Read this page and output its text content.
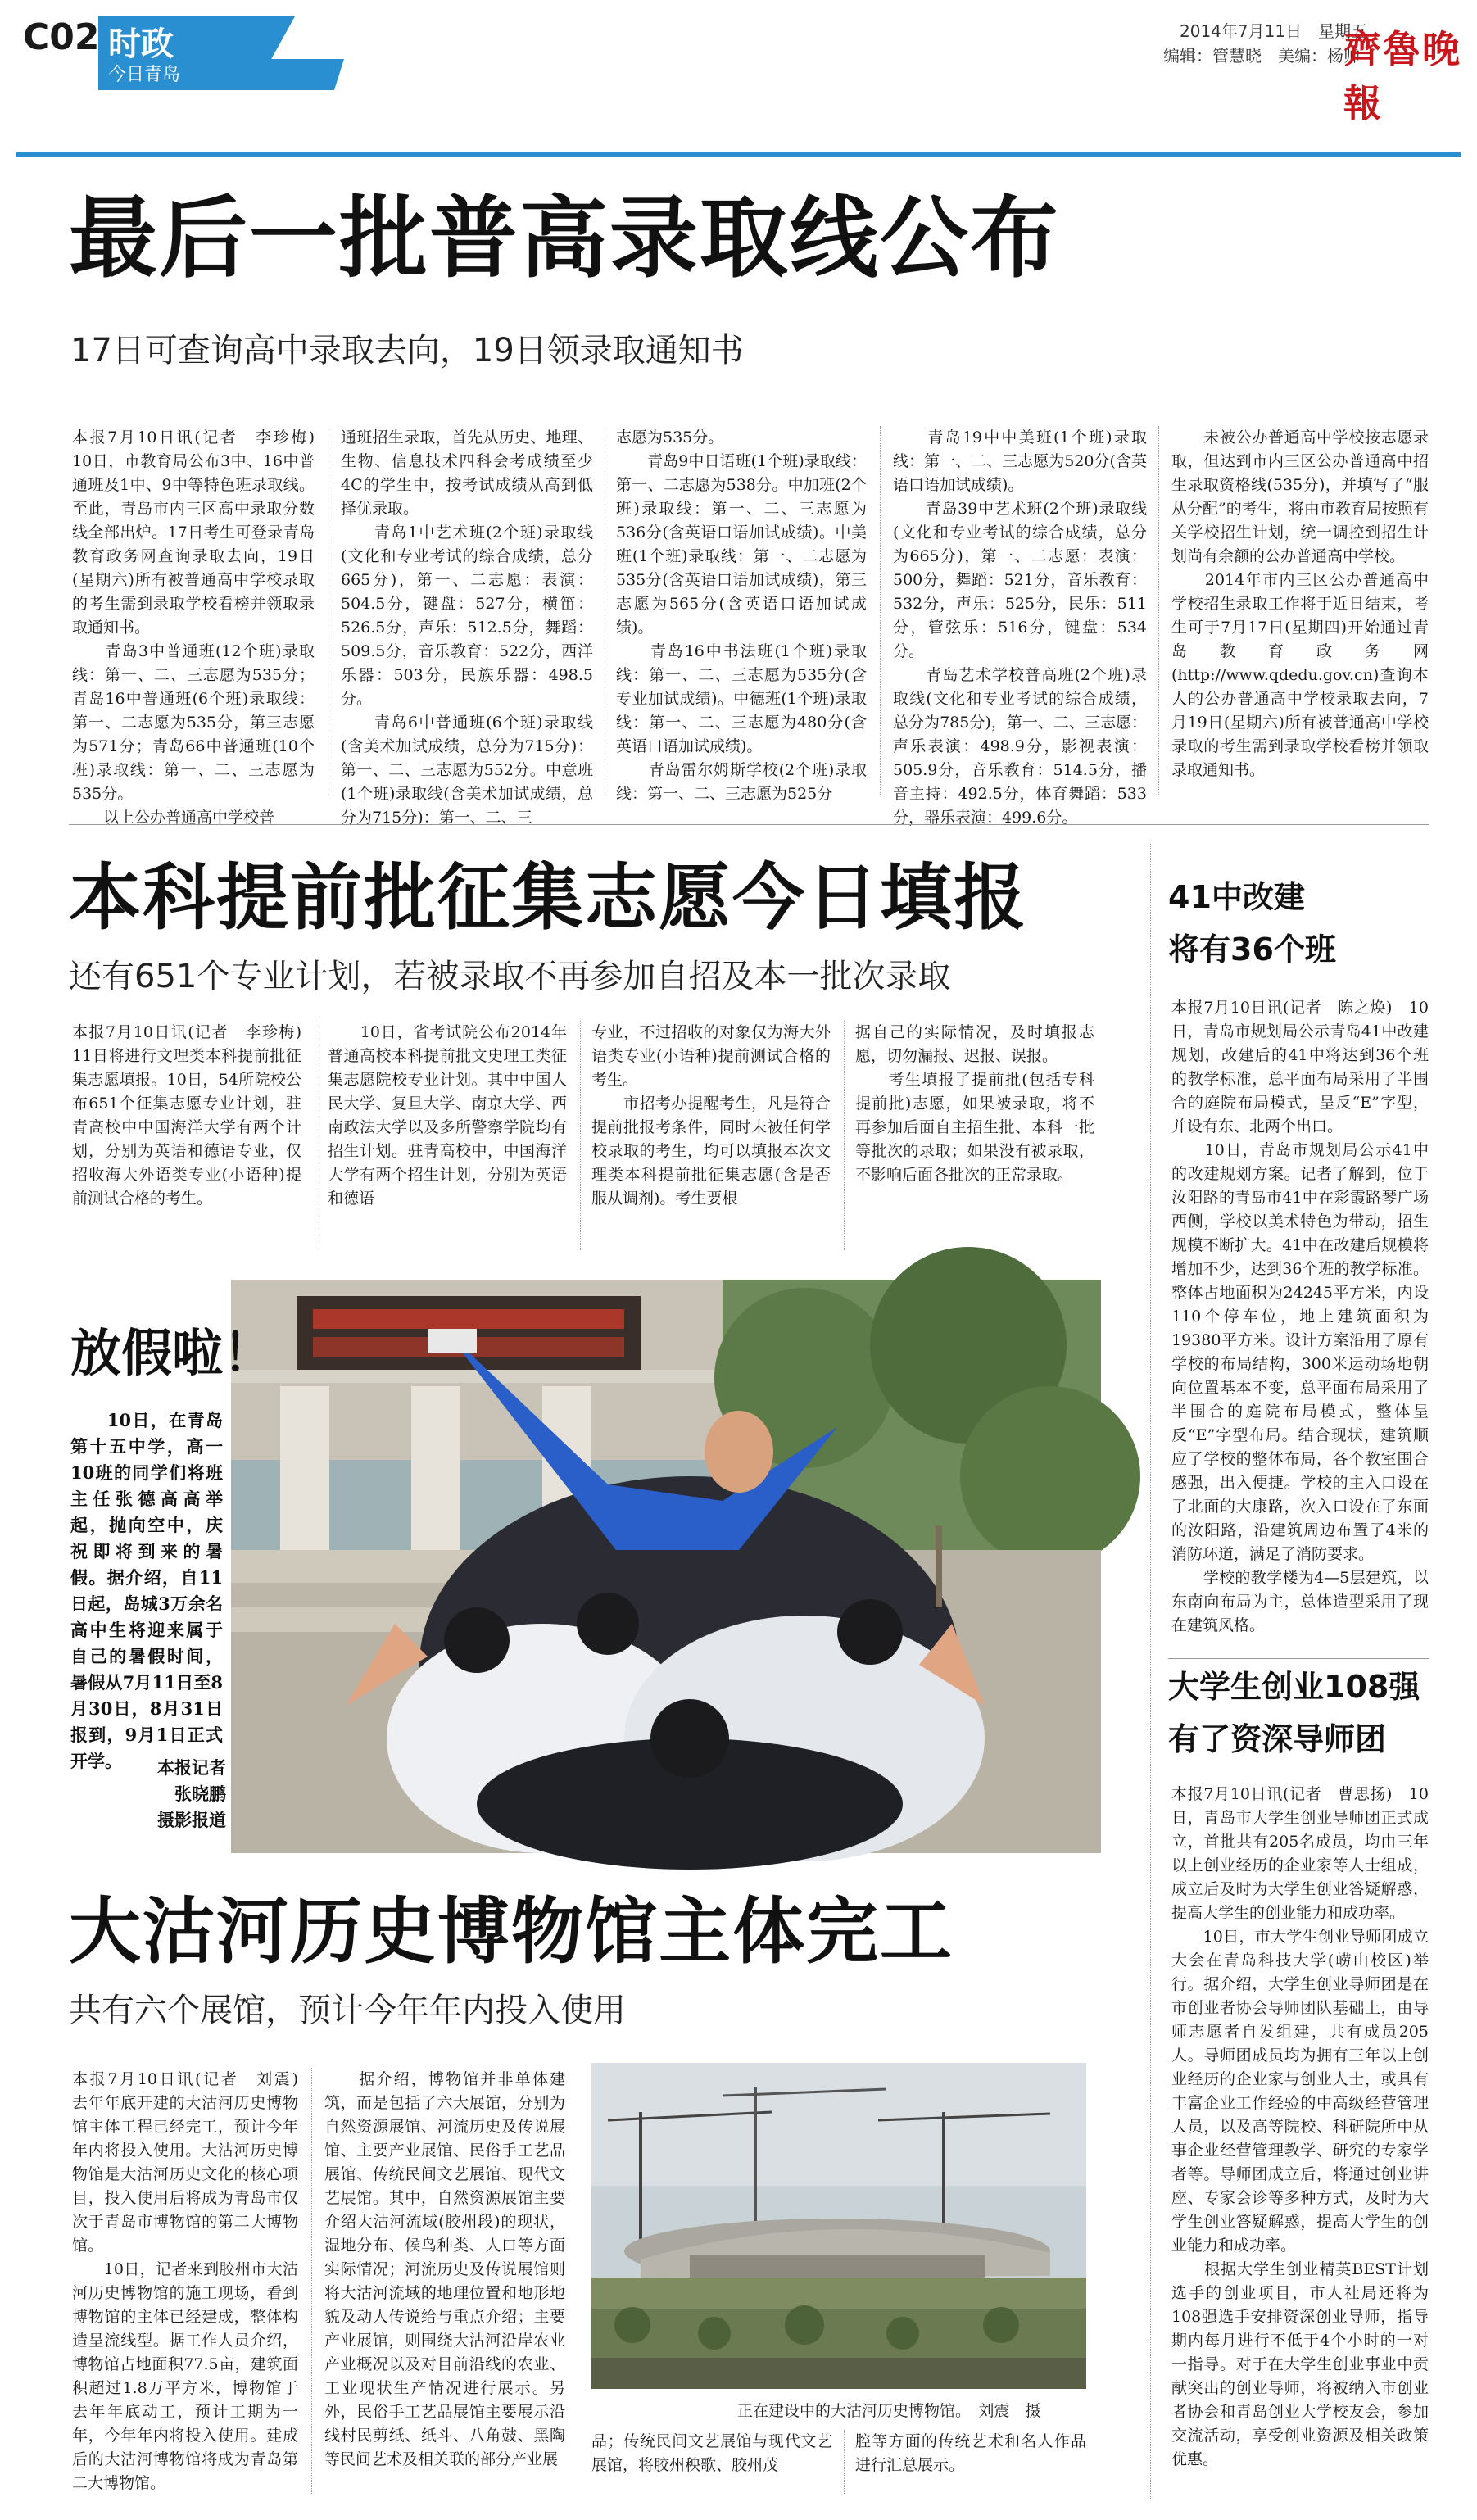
C02 时政
今日青岛
2014年7月11日　星期五
编辑：管慧晓　美编：杨帅
齊魯晚報
最后一批普高录取线公布
17日可查询高中录取去向，19日领录取通知书
本报7月10日讯(记者　李珍梅)　10日，市教育局公布3中、16中普通班及1中、9中等特色班录取线。至此，青岛市内三区高中录取分数线全部出炉。17日考生可登录青岛教育政务网查询录取去向，19日(星期六)所有被普通高中学校录取的考生需到录取学校看榜并领取录取通知书。
　　青岛3中普通班(12个班)录取线：第一、二、三志愿为535分；青岛16中普通班(6个班)录取线：第一、二志愿为535分，第三志愿为571分；青岛66中普通班(10个班)录取线：第一、二、三志愿为535分。
　　以上公办普通高中学校普
通班招生录取，首先从历史、地理、生物、信息技术四科会考成绩至少4C的学生中，按考试成绩从高到低择优录取。
　　青岛1中艺术班(2个班)录取线(文化和专业考试的综合成绩，总分665分)，第一、二志愿：表演：504.5分，键盘：527分，横笛：526.5分，声乐：512.5分，舞蹈：509.5分，音乐教育：522分，西洋乐器：503分，民族乐器：498.5分。
　　青岛6中普通班(6个班)录取线(含美术加试成绩，总分为715分)：第一、二、三志愿为552分。中意班(1个班)录取线(含美术加试成绩，总分为715分)：第一、二、三
志愿为535分。
　　青岛9中日语班(1个班)录取线：第一、二志愿为538分。中加班(2个班)录取线：第一、二、三志愿为536分(含英语口语加试成绩)。中美班(1个班)录取线：第一、二志愿为535分(含英语口语加试成绩)，第三志愿为565分(含英语口语加试成绩)。
　　青岛16中书法班(1个班)录取线：第一、二、三志愿为535分(含专业加试成绩)。中德班(1个班)录取线：第一、二、三志愿为480分(含英语口语加试成绩)。
　　青岛雷尔姆斯学校(2个班)录取线：第一、二、三志愿为525分
　　青岛19中中美班(1个班)录取线：第一、二、三志愿为520分(含英语口语加试成绩)。
　　青岛39中艺术班(2个班)录取线(文化和专业考试的综合成绩，总分为665分)，第一、二志愿：表演：500分，舞蹈：521分，音乐教育：532分，声乐：525分，民乐：511分，管弦乐：516分，键盘：534分。
　　青岛艺术学校普高班(2个班)录取线(文化和专业考试的综合成绩，总分为785分)，第一、二、三志愿：声乐表演：498.9分，影视表演：505.9分，音乐教育：514.5分，播音主持：492.5分，体育舞蹈：533分，器乐表演：499.6分。
　　未被公办普通高中学校按志愿录取，但达到市内三区公办普通高中招生录取资格线(535分)，并填写了“服从分配”的考生，将由市教育局按照有关学校招生计划，统一调控到招生计划尚有余额的公办普通高中学校。
　　2014年市内三区公办普通高中学校招生录取工作将于近日结束，考生可于7月17日(星期四)开始通过青岛教育政务网(http://www.qdedu.gov.cn)查询本人的公办普通高中学校录取去向，7月19日(星期六)所有被普通高中学校录取的考生需到录取学校看榜并领取录取通知书。
本科提前批征集志愿今日填报
还有651个专业计划，若被录取不再参加自招及本一批次录取
本报7月10日讯(记者　李珍梅)　11日将进行文理类本科提前批征集志愿填报。10日，54所院校公布651个征集志愿专业计划，驻青高校中中国海洋大学有两个计划，分别为英语和德语专业，仅招收海大外语类专业(小语种)提前测试合格的考生。
　　10日，省考试院公布2014年普通高校本科提前批文史理工类征集志愿院校专业计划。其中中国人民大学、复旦大学、南京大学、西南政法大学以及多所警察学院均有招生计划。驻青高校中，中国海洋大学有两个招生计划，分别为英语和德语
专业，不过招收的对象仅为海大外语类专业(小语种)提前测试合格的考生。
　　市招考办提醒考生，凡是符合提前批报考条件，同时未被任何学校录取的考生，均可以填报本次文理类本科提前批征集志愿(含是否服从调剂)。考生要根
据自己的实际情况，及时填报志愿，切勿漏报、迟报、误报。
　　考生填报了提前批(包括专科提前批)志愿，如果被录取，将不再参加后面自主招生批、本科一批等批次的录取；如果没有被录取，不影响后面各批次的正常录取。
放假啦！
　　10日，在青岛第十五中学，高一10班的同学们将班主任张德高高举起，抛向空中，庆祝即将到来的暑假。据介绍，自11日起，岛城3万余名高中生将迎来属于自己的暑假时间，暑假从7月11日至8月30日，8月31日报到，9月1日正式开学。	本报记者
张晓鹏
摄影报道
大沽河历史博物馆主体完工
共有六个展馆，预计今年年内投入使用
本报7月10日讯(记者　刘震)　去年年底开建的大沽河历史博物馆主体工程已经完工，预计今年年内将投入使用。大沽河历史博物馆是大沽河历史文化的核心项目，投入使用后将成为青岛市仅次于青岛市博物馆的第二大博物馆。
　　10日，记者来到胶州市大沽河历史博物馆的施工现场，看到博物馆的主体已经建成，整体构造呈流线型。据工作人员介绍，博物馆占地面积77.5亩，建筑面积超过1.8万平方米，博物馆于去年年底动工，预计工期为一年，今年年内将投入使用。建成后的大沽河博物馆将成为青岛第二大博物馆。
　　据介绍，博物馆并非单体建筑，而是包括了六大展馆，分别为自然资源展馆、河流历史及传说展馆、主要产业展馆、民俗手工艺品展馆、传统民间文艺展馆、现代文艺展馆。其中，自然资源展馆主要介绍大沽河流域(胶州段)的现状，湿地分布、候鸟种类、人口等方面实际情况；河流历史及传说展馆则将大沽河流域的地理位置和地形地貌及动人传说给与重点介绍；主要产业展馆，则围绕大沽河沿岸农业产业概况以及对目前沿线的农业、工业现状生产情况进行展示。另外，民俗手工艺品展馆主要展示沿线村民剪纸、纸斗、八角鼓、黑陶等民间艺术及相关联的部分产业展
正在建设中的大沽河历史博物馆。　刘震　摄
品；传统民间文艺展馆与现代文艺展馆，将胶州秧歌、胶州茂
腔等方面的传统艺术和名人作品进行汇总展示。
41中改建
将有36个班
本报7月10日讯(记者　陈之焕)　10日，青岛市规划局公示青岛41中改建规划，改建后的41中将达到36个班的教学标准，总平面布局采用了半围合的庭院布局模式，呈反“E”字型，并设有东、北两个出口。
　　10日，青岛市规划局公示41中的改建规划方案。记者了解到，位于汝阳路的青岛市41中在彩霞路琴广场西侧，学校以美术特色为带动，招生规模不断扩大。41中在改建后规模将增加不少，达到36个班的教学标准。整体占地面积为24245平方米，内设110个停车位，地上建筑面积为19380平方米。设计方案沿用了原有学校的布局结构，300米运动场地朝向位置基本不变，总平面布局采用了半围合的庭院布局模式，整体呈反“E”字型布局。结合现状，建筑顺应了学校的整体布局，各个教室围合感强，出入便捷。学校的主入口设在了北面的大康路，次入口设在了东面的汝阳路，沿建筑周边布置了4米的消防环道，满足了消防要求。
　　学校的教学楼为4—5层建筑，以东南向布局为主，总体造型采用了现在建筑风格。
大学生创业108强
有了资深导师团
本报7月10日讯(记者　曹思扬)　10日，青岛市大学生创业导师团正式成立，首批共有205名成员，均由三年以上创业经历的企业家等人士组成，成立后及时为大学生创业答疑解惑，提高大学生的创业能力和成功率。
　　10日，市大学生创业导师团成立大会在青岛科技大学(崂山校区)举行。据介绍，大学生创业导师团是在市创业者协会导师团队基础上，由导师志愿者自发组建，共有成员205人。导师团成员均为拥有三年以上创业经历的企业家与创业人士，或具有丰富企业工作经验的中高级经营管理人员，以及高等院校、科研院所中从事企业经营管理教学、研究的专家学者等。导师团成立后，将通过创业讲座、专家会诊等多种方式，及时为大学生创业答疑解惑，提高大学生的创业能力和成功率。
　　根据大学生创业精英BEST计划选手的创业项目，市人社局还将为108强选手安排资深创业导师，指导期内每月进行不低于4个小时的一对一指导。对于在大学生创业事业中贡献突出的创业导师，将被纳入市创业者协会和青岛创业大学校友会，参加交流活动，享受创业资源及相关政策优惠。
